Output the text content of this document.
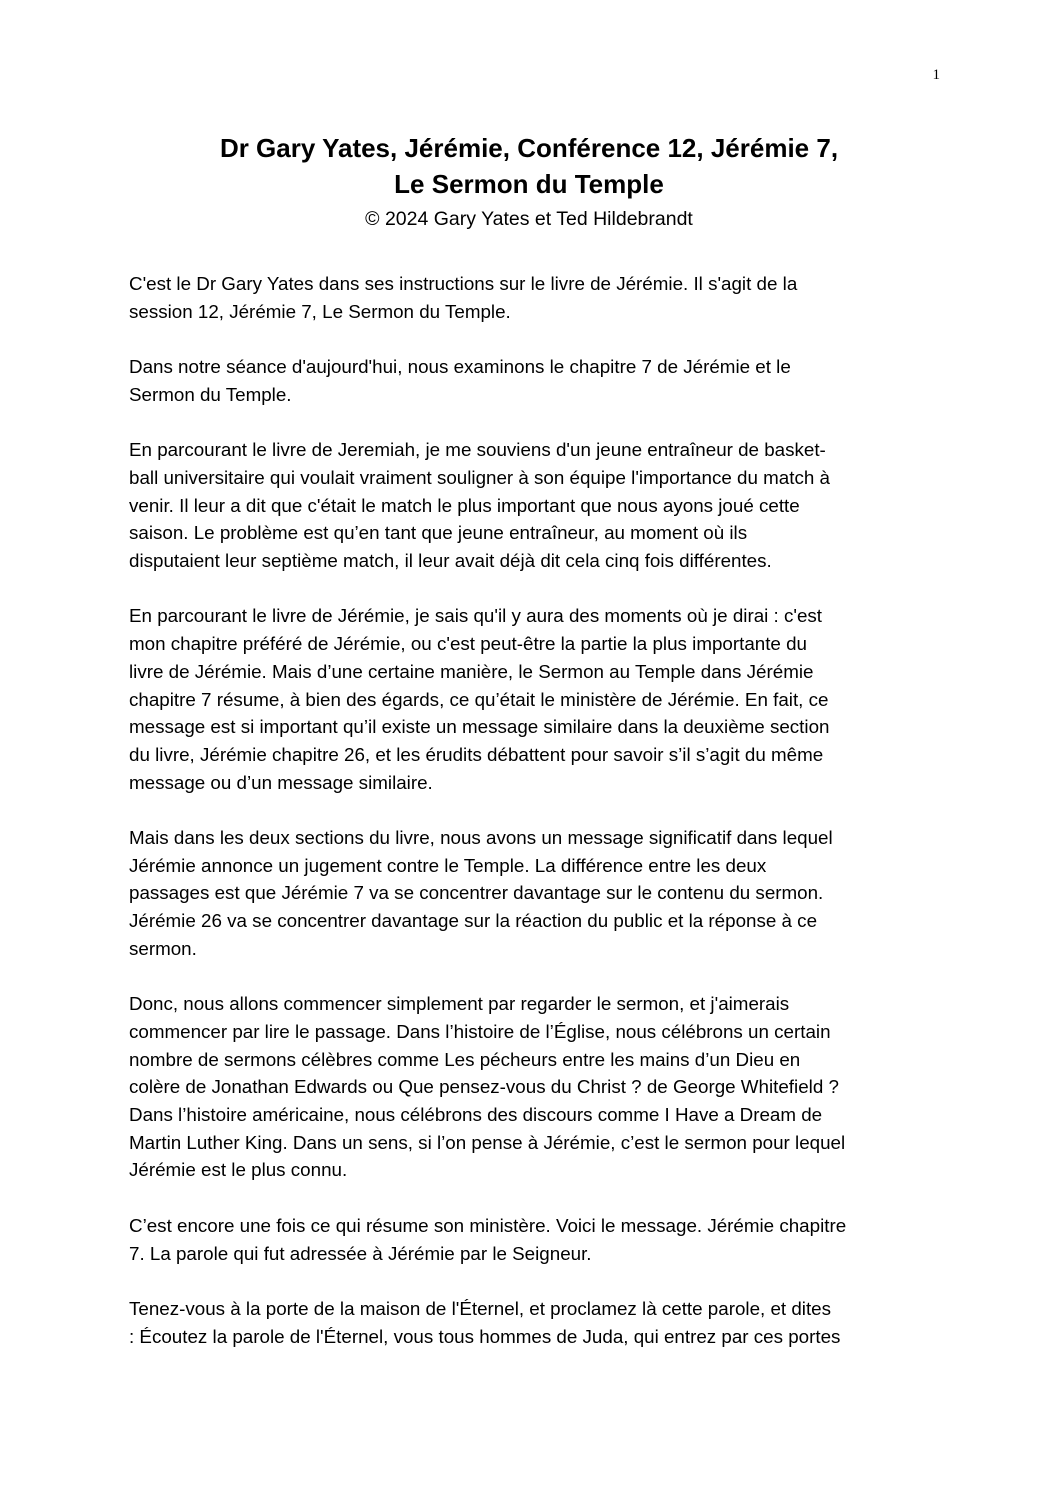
1
Dr Gary Yates, Jérémie, Conférence 12, Jérémie 7,
Le Sermon du Temple
© 2024 Gary Yates et Ted Hildebrandt

C'est le Dr Gary Yates dans ses instructions sur le livre de Jérémie. Il s'agit de la
session 12, Jérémie 7, Le Sermon du Temple.

Dans notre séance d'aujourd'hui, nous examinons le chapitre 7 de Jérémie et le
Sermon du Temple.

En parcourant le livre de Jeremiah, je me souviens d'un jeune entraîneur de basket-
ball universitaire qui voulait vraiment souligner à son équipe l'importance du match à
venir. Il leur a dit que c'était le match le plus important que nous ayons joué cette
saison. Le problème est qu’en tant que jeune entraîneur, au moment où ils
disputaient leur septième match, il leur avait déjà dit cela cinq fois différentes.

En parcourant le livre de Jérémie, je sais qu'il y aura des moments où je dirai : c'est
mon chapitre préféré de Jérémie, ou c'est peut-être la partie la plus importante du
livre de Jérémie. Mais d’une certaine manière, le Sermon au Temple dans Jérémie
chapitre 7 résume, à bien des égards, ce qu’était le ministère de Jérémie. En fait, ce
message est si important qu’il existe un message similaire dans la deuxième section
du livre, Jérémie chapitre 26, et les érudits débattent pour savoir s’il s’agit du même
message ou d’un message similaire.

Mais dans les deux sections du livre, nous avons un message significatif dans lequel
Jérémie annonce un jugement contre le Temple. La différence entre les deux
passages est que Jérémie 7 va se concentrer davantage sur le contenu du sermon.
Jérémie 26 va se concentrer davantage sur la réaction du public et la réponse à ce
sermon.

Donc, nous allons commencer simplement par regarder le sermon, et j'aimerais
commencer par lire le passage. Dans l’histoire de l’Église, nous célébrons un certain
nombre de sermons célèbres comme Les pécheurs entre les mains d’un Dieu en
colère de Jonathan Edwards ou Que pensez-vous du Christ ? de George Whitefield ?
Dans l’histoire américaine, nous célébrons des discours comme I Have a Dream de
Martin Luther King. Dans un sens, si l’on pense à Jérémie, c’est le sermon pour lequel
Jérémie est le plus connu.

C’est encore une fois ce qui résume son ministère. Voici le message. Jérémie chapitre
7. La parole qui fut adressée à Jérémie par le Seigneur.

Tenez-vous à la porte de la maison de l'Éternel, et proclamez là cette parole, et dites
: Écoutez la parole de l'Éternel, vous tous hommes de Juda, qui entrez par ces portes
